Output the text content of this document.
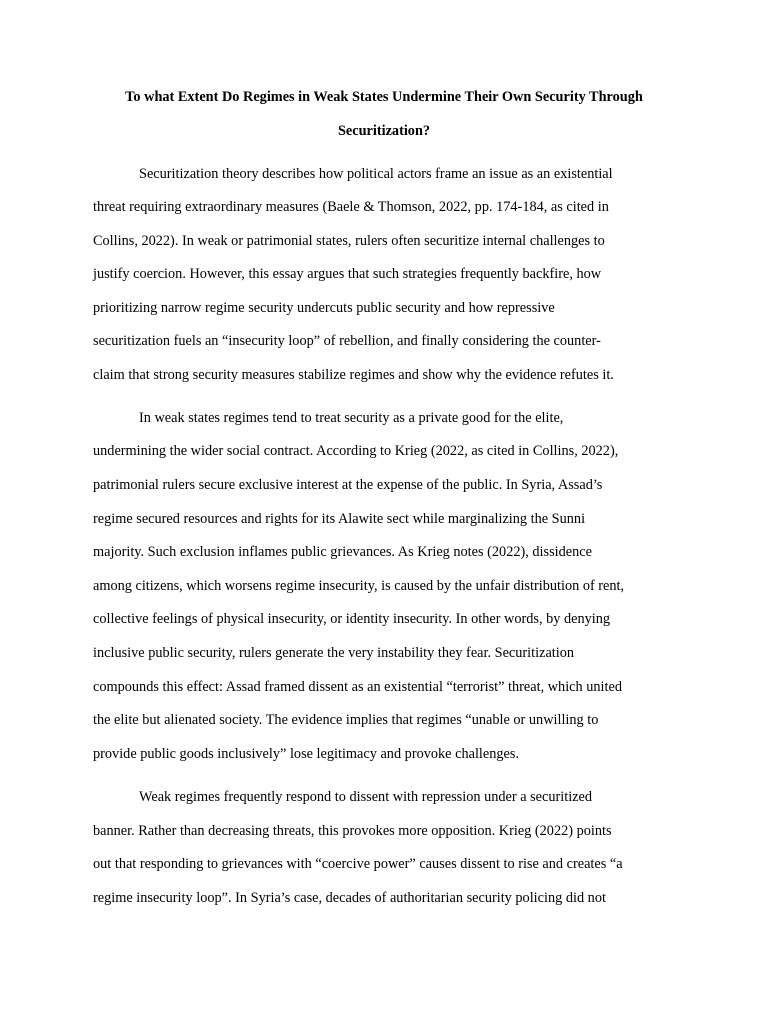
To what Extent Do Regimes in Weak States Undermine Their Own Security Through
Securitization?
Securitization theory describes how political actors frame an issue as an existential
threat requiring extraordinary measures (Baele & Thomson, 2022, pp. 174-184, as cited in
Collins, 2022). In weak or patrimonial states, rulers often securitize internal challenges to
justify coercion. However, this essay argues that such strategies frequently backfire, how
prioritizing narrow regime security undercuts public security and how repressive
securitization fuels an “insecurity loop” of rebellion, and finally considering the counter-
claim that strong security measures stabilize regimes and show why the evidence refutes it.
In weak states regimes tend to treat security as a private good for the elite,
undermining the wider social contract. According to Krieg (2022, as cited in Collins, 2022),
patrimonial rulers secure exclusive interest at the expense of the public. In Syria, Assad’s
regime secured resources and rights for its Alawite sect while marginalizing the Sunni
majority. Such exclusion inflames public grievances. As Krieg notes (2022), dissidence
among citizens, which worsens regime insecurity, is caused by the unfair distribution of rent,
collective feelings of physical insecurity, or identity insecurity. In other words, by denying
inclusive public security, rulers generate the very instability they fear. Securitization
compounds this effect: Assad framed dissent as an existential “terrorist” threat, which united
the elite but alienated society. The evidence implies that regimes “unable or unwilling to
provide public goods inclusively” lose legitimacy and provoke challenges.
Weak regimes frequently respond to dissent with repression under a securitized
banner. Rather than decreasing threats, this provokes more opposition. Krieg (2022) points
out that responding to grievances with “coercive power” causes dissent to rise and creates “a
regime insecurity loop”. In Syria’s case, decades of authoritarian security policing did not
